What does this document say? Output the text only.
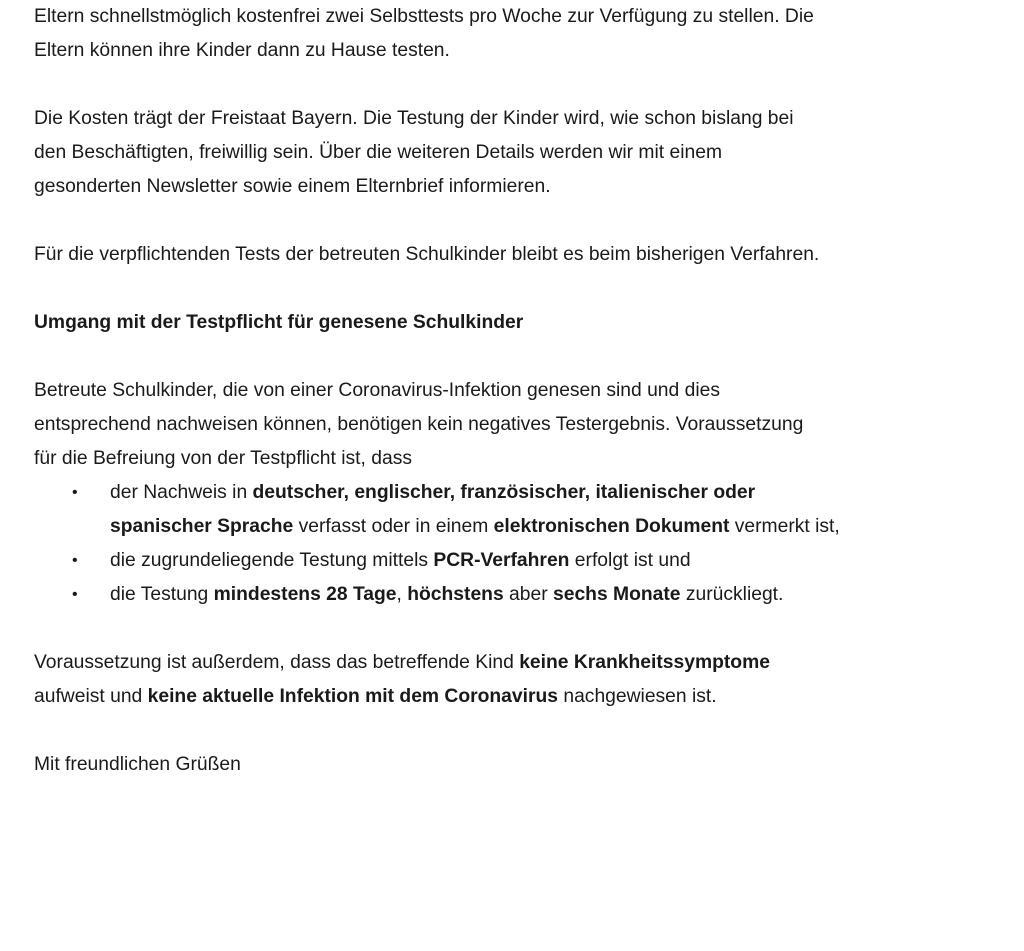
Eltern schnellstmöglich kostenfrei zwei Selbsttests pro Woche zur Verfügung zu stellen. Die
Eltern können ihre Kinder dann zu Hause testen.

Die Kosten trägt der Freistaat Bayern. Die Testung der Kinder wird, wie schon bislang bei
den Beschäftigten, freiwillig sein. Über die weiteren Details werden wir mit einem
gesonderten Newsletter sowie einem Elternbrief informieren.

Für die verpflichtenden Tests der betreuten Schulkinder bleibt es beim bisherigen Verfahren.

Umgang mit der Testpflicht für genesene Schulkinder

Betreute Schulkinder, die von einer Coronavirus-Infektion genesen sind und dies
entsprechend nachweisen können, benötigen kein negatives Testergebnis. Voraussetzung
für die Befreiung von der Testpflicht ist, dass

• der Nachweis in deutscher, englischer, französischer, italienischer oder
spanischer Sprache verfasst oder in einem elektronischen Dokument vermerkt ist,
• die zugrundeliegende Testung mittels PCR-Verfahren erfolgt ist und
• die Testung mindestens 28 Tage, höchstens aber sechs Monate zurückliegt.

Voraussetzung ist außerdem, dass das betreffende Kind keine Krankheitssymptome
aufweist und keine aktuelle Infektion mit dem Coronavirus nachgewiesen ist.

Mit freundlichen Grüßen
